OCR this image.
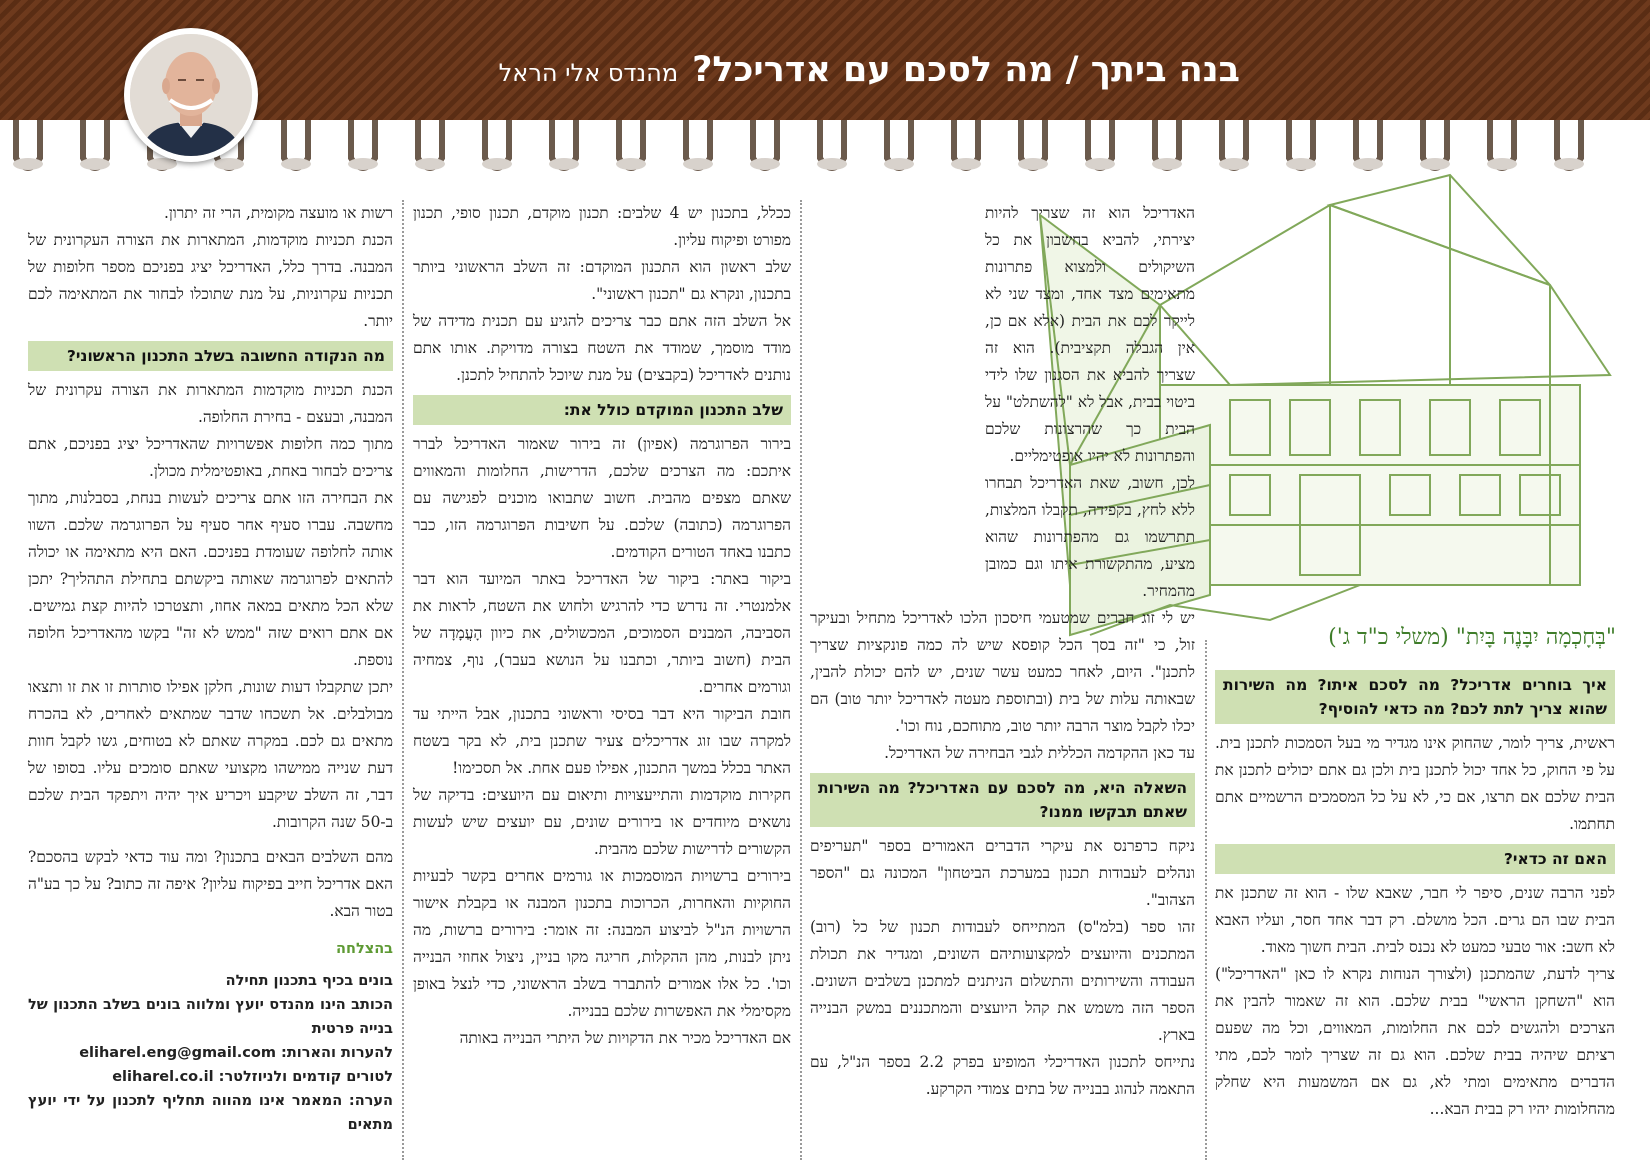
בנה ביתך / מה לסכם עם אדריכל?מהנדס אלי הראל
"בְּחָכְמָה יִבָּנֶה בָּיִת" (משלי כ"ד ג')
איך בוחרים אדריכל? מה לסכם איתו? מה השירות שהוא צריך לתת לכם? מה כדאי להוסיף?

ראשית, צריך לומר, שהחוק אינו מגדיר מי בעל הסמכות לתכנן בית. על פי החוק, כל אחד יכול לתכנן בית ולכן גם אתם יכולים לתכנן את הבית שלכם אם תרצו, אם כי, לא על כל המסמכים הרשמיים אתם תחתמו.

האם זה כדאי?

לפני הרבה שנים, סיפר לי חבר, שאבא שלו - הוא זה שתכנן את הבית שבו הם גרים. הכל מושלם. רק דבר אחד חסר, ועליו האבא לא חשב: אור טבעי כמעט לא נכנס לבית. הבית חשוך מאוד.

צריך לדעת, שהמתכנן (ולצורך הנוחות נקרא לו כאן "האדריכל") הוא "השחקן הראשי" בבית שלכם. הוא זה שאמור להבין את הצרכים ולהגשים לכם את החלומות, המאווים, וכל מה שפעם רציתם שיהיה בבית שלכם. הוא גם זה שצריך לומר לכם, מתי הדברים מתאימים ומתי לא, גם אם המשמעות היא שחלק מהחלומות יהיו רק בבית הבא...

האדריכל הוא זה שצריך להיות יצירתי, להביא בחשבון את כל השיקולים ולמצוא פתרונות מתאימים מצד אחד, ומצד שני לא לייקר לכם את הבית (אלא אם כן, אין הגבלה תקציבית). הוא זה שצריך להביא את הסגנון שלו לידי ביטוי בבית, אבל לא "להשתלט" על הבית כך שהרצונות שלכם והפתרונות לא יהיו אופטימליים.

לכן, חשוב, שאת האדריכל תבחרו ללא לחץ, בקפידה, תקבלו המלצות, תתרשמו גם מהפתרונות שהוא מציע, מהתקשורת איתו וגם כמובן מהמחיר.

יש לי זוג חברים שמטעמי חיסכון הלכו לאדריכל מתחיל ובעיקר זול, כי "זה בסך הכל קופסא שיש לה כמה פונקציות שצריך לתכנן". היום, לאחר כמעט עשר שנים, יש להם יכולת להבין, שבאותה עלות של בית (ובתוספת מעטה לאדריכל יותר טוב) הם יכלו לקבל מוצר הרבה יותר טוב, מתוחכם, נוח וכו'.

עד כאן ההקדמה הכללית לגבי הבחירה של האדריכל.

השאלה היא, מה לסכם עם האדריכל? מה השירות שאתם תבקשו ממנו?

ניקח כרפרנס את עיקרי הדברים האמורים בספר "תעריפים ונהלים לעבודות תכנון במערכת הביטחון" המכונה גם "הספר הצהוב".

זהו ספר (בלמ"ס) המתייחס לעבודות תכנון של כל (רוב) המתכנים והיועצים למקצועותיהם השונים, ומגדיר את תכולת העבודה והשירותים והתשלום הניתנים למתכנן בשלבים השונים. הספר הזה משמש את קהל היועצים והמתכננים במשק הבנייה בארץ.

נתייחס לתכנון האדריכלי המופיע בפרק 2.2 בספר הנ"ל, עם התאמה לנהוג בבנייה של בתים צמודי הקרקע.

ככלל, בתכנון יש 4 שלבים: תכנון מוקדם, תכנון סופי, תכנון מפורט ופיקוח עליון.

שלב ראשון הוא התכנון המוקדם: זה השלב הראשוני ביותר בתכנון, ונקרא גם "תכנון ראשוני".

אל השלב הזה אתם כבר צריכים להגיע עם תכנית מדידה של מודד מוסמך, שמודד את השטח בצורה מדויקת. אותו אתם נותנים לאדריכל (בקבצים) על מנת שיוכל להתחיל לתכנן.

שלב התכנון המוקדם כולל את:

בירור הפרוגרמה (אפיון) זה בירור שאמור האדריכל לברר איתכם: מה הצרכים שלכם, הדרישות, החלומות והמאווים שאתם מצפים מהבית. חשוב שתבואו מוכנים לפגישה עם הפרוגרמה (כתובה) שלכם. על חשיבות הפרוגרמה הזו, כבר כתבנו באחד הטורים הקודמים.

ביקור באתר: ביקור של האדריכל באתר המיועד הוא דבר אלמנטרי. זה נדרש כדי להרגיש ולחוש את השטח, לראות את הסביבה, המבנים הסמוכים, המכשולים, את כיוון הָעֲמָדָה של הבית (חשוב ביותר, וכתבנו על הנושא בעבר), נוף, צמחיה וגורמים אחרים.

חובת הביקור היא דבר בסיסי וראשוני בתכנון, אבל הייתי עד למקרה שבו זוג אדריכלים צעיר שתכנן בית, לא בקר בשטח האתר בכלל במשך התכנון, אפילו פעם אחת. אל תסכימו!

חקירות מוקדמות והתייעצויות ותיאום עם היועצים: בדיקה של נושאים מיוחדים או בירורים שונים, עם יועצים שיש לעשות הקשורים לדרישות שלכם מהבית.

בירורים ברשויות המוסמכות או גורמים אחרים בקשר לבעיות החוקיות והאחרות, הכרוכות בתכנון המבנה או בקבלת אישור הרשויות הנ"ל לביצוע המבנה: זה אומר: בירורים ברשות, מה ניתן לבנות, מהן ההקלות, חריגה מקו בניין, ניצול אחוזי הבנייה וכו'. כל אלו אמורים להתברר בשלב הראשוני, כדי לנצל באופן מקסימלי את האפשרות שלכם בבנייה.

אם האדריכל מכיר את הדקויות של היתרי הבנייה באותה

רשות או מועצה מקומית, הרי זה יתרון.

הכנת תכניות מוקדמות, המתארות את הצורה העקרונית של המבנה. בדרך כלל, האדריכל יציג בפניכם מספר חלופות של תכניות עקרוניות, על מנת שתוכלו לבחור את המתאימה לכם יותר.

מה הנקודה החשובה בשלב התכנון הראשוני?

הכנת תכניות מוקדמות המתארות את הצורה עקרונית של המבנה, ובעצם - בחירת החלופה.

מתוך כמה חלופות אפשרויות שהאדריכל יציג בפניכם, אתם צריכים לבחור באחת, באופטימלית מכולן.

את הבחירה הזו אתם צריכים לעשות בנחת, בסבלנות, מתוך מחשבה. עברו סעיף אחר סעיף על הפרוגרמה שלכם. השוו אותה לחלופה שעומדת בפניכם. האם היא מתאימה או יכולה להתאים לפרוגרמה שאותה ביקשתם בתחילת התהליך? יתכן שלא הכל מתאים במאה אחוז, ותצטרכו להיות קצת גמישים. אם אתם רואים שזה "ממש לא זה" בקשו מהאדריכל חלופה נוספת.

יתכן שתקבלו דעות שונות, חלקן אפילו סותרות זו את זו ותצאו מבולבלים. אל תשכחו שדבר שמתאים לאחרים, לא בהכרח מתאים גם לכם. במקרה שאתם לא בטוחים, גשו לקבל חוות דעת שנייה ממישהו מקצועי שאתם סומכים עליו. בסופו של דבר, זה השלב שיקבע ויכריע איך יהיה ויתפקד הבית שלכם ב-50 שנה הקרובות.

מהם השלבים הבאים בתכנון? ומה עוד כדאי לבקש בהסכם? האם אדריכל חייב בפיקוח עליון? איפה זה כתוב? על כך בע"ה בטור הבא.

בהצלחה
בונים בכיף בתכנון תחילה
הכותב הינו מהנדס יועץ ומלווה בונים בשלב התכנון של בנייה פרטית
להערות והארות: eliharel.eng@gmail.com
לטורים קודמים ולניוזלטר: eliharel.co.il
הערה: המאמר אינו מהווה תחליף לתכנון על ידי יועץ מתאים
